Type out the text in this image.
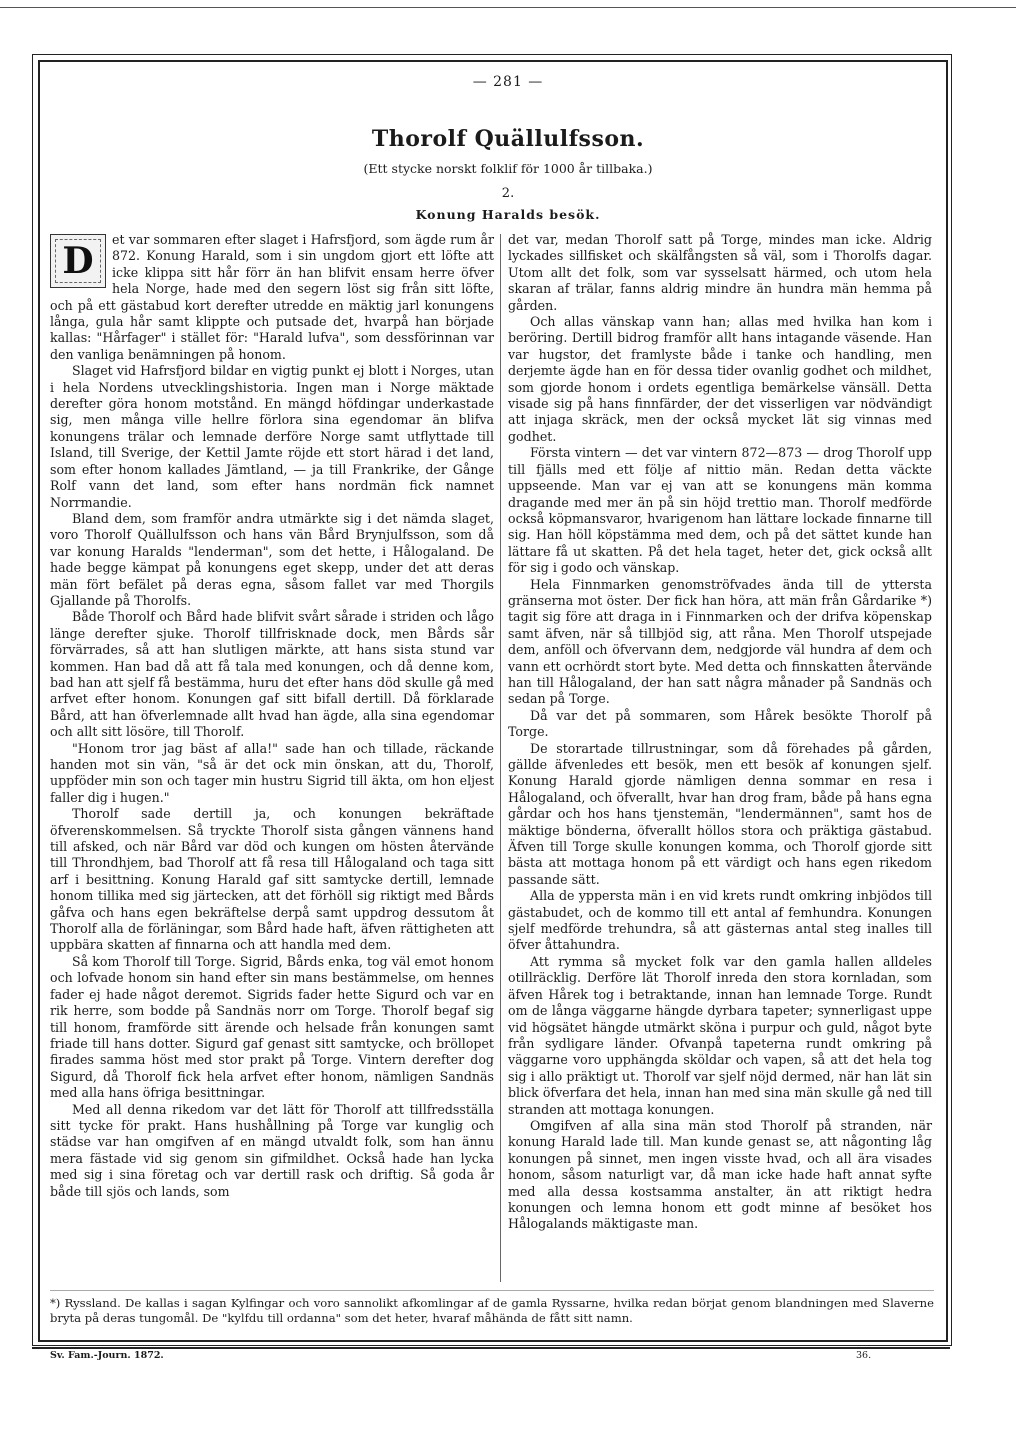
— 281 —
Thorolf Quällulfsson.
(Ett stycke norskt folklif för 1000 år tillbaka.)
2.
Konung Haralds besök.
D

et var sommaren efter slaget i Hafrsfjord, som ägde rum år 872. Konung Harald, som i sin ungdom gjort ett löfte att icke klippa sitt hår förr än han blifvit ensam herre öfver hela Norge, hade med den segern löst sig från sitt löfte, och på ett gästabud kort derefter utredde en mäktig jarl konungens långa, gula hår samt klippte och putsade det, hvarpå han började kallas: "Hårfager" i stället för: "Harald lufva", som dessförinnan var den vanliga benämningen på honom.

Slaget vid Hafrsfjord bildar en vigtig punkt ej blott i Norges, utan i hela Nordens utvecklingshistoria. Ingen man i Norge mäktade derefter göra honom motstånd. En mängd höfdingar underkastade sig, men många ville hellre förlora sina egendomar än blifva konungens trälar och lemnade derföre Norge samt utflyttade till Island, till Sverige, der Kettil Jamte röjde ett stort härad i det land, som efter honom kallades Jämtland, — ja till Frankrike, der Gånge Rolf vann det land, som efter hans nordmän fick namnet Norrmandie.

Bland dem, som framför andra utmärkte sig i det nämda slaget, voro Thorolf Quällulfsson och hans vän Bård Brynjulfsson, som då var konung Haralds "lenderman", som det hette, i Hålogaland. De hade begge kämpat på konungens eget skepp, under det att deras män fört befälet på deras egna, såsom fallet var med Thorgils Gjallande på Thorolfs.

Både Thorolf och Bård hade blifvit svårt sårade i striden och lågo länge derefter sjuke. Thorolf tillfrisknade dock, men Bårds sår förvärrades, så att han slutligen märkte, att hans sista stund var kommen. Han bad då att få tala med konungen, och då denne kom, bad han att sjelf få bestämma, huru det efter hans död skulle gå med arfvet efter honom. Konungen gaf sitt bifall dertill. Då förklarade Bård, att han öfverlemnade allt hvad han ägde, alla sina egendomar och allt sitt lösöre, till Thorolf.

"Honom tror jag bäst af alla!" sade han och tillade, räckande handen mot sin vän, "så är det ock min önskan, att du, Thorolf, uppföder min son och tager min hustru Sigrid till äkta, om hon eljest faller dig i hugen."

Thorolf sade dertill ja, och konungen bekräftade öfverenskommelsen. Så tryckte Thorolf sista gången vännens hand till afsked, och när Bård var död och kungen om hösten återvände till Throndhjem, bad Thorolf att få resa till Hålogaland och taga sitt arf i besittning. Konung Harald gaf sitt samtycke dertill, lemnade honom tillika med sig järtecken, att det förhöll sig riktigt med Bårds gåfva och hans egen bekräftelse derpå samt uppdrog dessutom åt Thorolf alla de förläningar, som Bård hade haft, äfven rättigheten att uppbära skatten af finnarna och att handla med dem.

Så kom Thorolf till Torge. Sigrid, Bårds enka, tog väl emot honom och lofvade honom sin hand efter sin mans bestämmelse, om hennes fader ej hade något deremot. Sigrids fader hette Sigurd och var en rik herre, som bodde på Sandnäs norr om Torge. Thorolf begaf sig till honom, framförde sitt ärende och helsade från konungen samt friade till hans dotter. Sigurd gaf genast sitt samtycke, och bröllopet firades samma höst med stor prakt på Torge. Vintern derefter dog Sigurd, då Thorolf fick hela arfvet efter honom, nämligen Sandnäs med alla hans öfriga besittningar.

Med all denna rikedom var det lätt för Thorolf att tillfredsställa sitt tycke för prakt. Hans hushållning på Torge var kunglig och städse var han omgifven af en mängd utvaldt folk, som han ännu mera fästade vid sig genom sin gifmildhet. Också hade han lycka med sig i sina företag och var dertill rask och driftig. Så goda år både till sjös och lands, som

det var, medan Thorolf satt på Torge, mindes man icke. Aldrig lyckades sillfisket och skälfångsten så väl, som i Thorolfs dagar. Utom allt det folk, som var sysselsatt härmed, och utom hela skaran af trälar, fanns aldrig mindre än hundra män hemma på gården.

Och allas vänskap vann han; allas med hvilka han kom i beröring. Dertill bidrog framför allt hans intagande väsende. Han var hugstor, det framlyste både i tanke och handling, men derjemte ägde han en för dessa tider ovanlig godhet och mildhet, som gjorde honom i ordets egentliga bemärkelse vänsäll. Detta visade sig på hans finnfärder, der det visserligen var nödvändigt att injaga skräck, men der också mycket lät sig vinnas med godhet.

Första vintern — det var vintern 872—873 — drog Thorolf upp till fjälls med ett följe af nittio män. Redan detta väckte uppseende. Man var ej van att se konungens män komma dragande med mer än på sin höjd trettio man. Thorolf medförde också köpmansvaror, hvarigenom han lättare lockade finnarne till sig. Han höll köpstämma med dem, och på det sättet kunde han lättare få ut skatten. På det hela taget, heter det, gick också allt för sig i godo och vänskap.

Hela Finnmarken genomströfvades ända till de yttersta gränserna mot öster. Der fick han höra, att män från Gårdarike *) tagit sig före att draga in i Finnmarken och der drifva köpenskap samt äfven, när så tillbjöd sig, att råna. Men Thorolf utspejade dem, anföll och öfvervann dem, nedgjorde väl hundra af dem och vann ett ocrhördt stort byte. Med detta och finnskatten återvände han till Hålogaland, der han satt några månader på Sandnäs och sedan på Torge.

Då var det på sommaren, som Hårek besökte Thorolf på Torge.

De storartade tillrustningar, som då förehades på gården, gällde äfvenledes ett besök, men ett besök af konungen sjelf. Konung Harald gjorde nämligen denna sommar en resa i Hålogaland, och öfverallt, hvar han drog fram, både på hans egna gårdar och hos hans tjenstemän, "lendermännen", samt hos de mäktige bönderna, öfverallt höllos stora och präktiga gästabud. Äfven till Torge skulle konungen komma, och Thorolf gjorde sitt bästa att mottaga honom på ett värdigt och hans egen rikedom passande sätt.

Alla de yppersta män i en vid krets rundt omkring inbjödos till gästabudet, och de kommo till ett antal af femhundra. Konungen sjelf medförde trehundra, så att gästernas antal steg inalles till öfver åttahundra.

Att rymma så mycket folk var den gamla hallen alldeles otillräcklig. Derföre lät Thorolf inreda den stora kornladan, som äfven Hårek tog i betraktande, innan han lemnade Torge. Rundt om de långa väggarne hängde dyrbara tapeter; synnerligast uppe vid högsätet hängde utmärkt sköna i purpur och guld, något byte från sydligare länder. Ofvanpå tapeterna rundt omkring på väggarne voro upphängda sköldar och vapen, så att det hela tog sig i allo präktigt ut. Thorolf var sjelf nöjd dermed, när han lät sin blick öfverfara det hela, innan han med sina män skulle gå ned till stranden att mottaga konungen.

Omgifven af alla sina män stod Thorolf på stranden, när konung Harald lade till. Man kunde genast se, att någonting låg konungen på sinnet, men ingen visste hvad, och all ära visades honom, såsom naturligt var, då man icke hade haft annat syfte med alla dessa kostsamma anstalter, än att riktigt hedra konungen och lemna honom ett godt minne af besöket hos Hålogalands mäktigaste man.

*) Ryssland. De kallas i sagan Kylfingar och voro sannolikt afkomlingar af de gamla Ryssarne, hvilka redan börjat genom blandningen med Slaverne bryta på deras tungomål. De "kylfdu till ordanna" som det heter, hvaraf måhända de fått sitt namn.
Sv. Fam.-Journ. 1872.	36.
